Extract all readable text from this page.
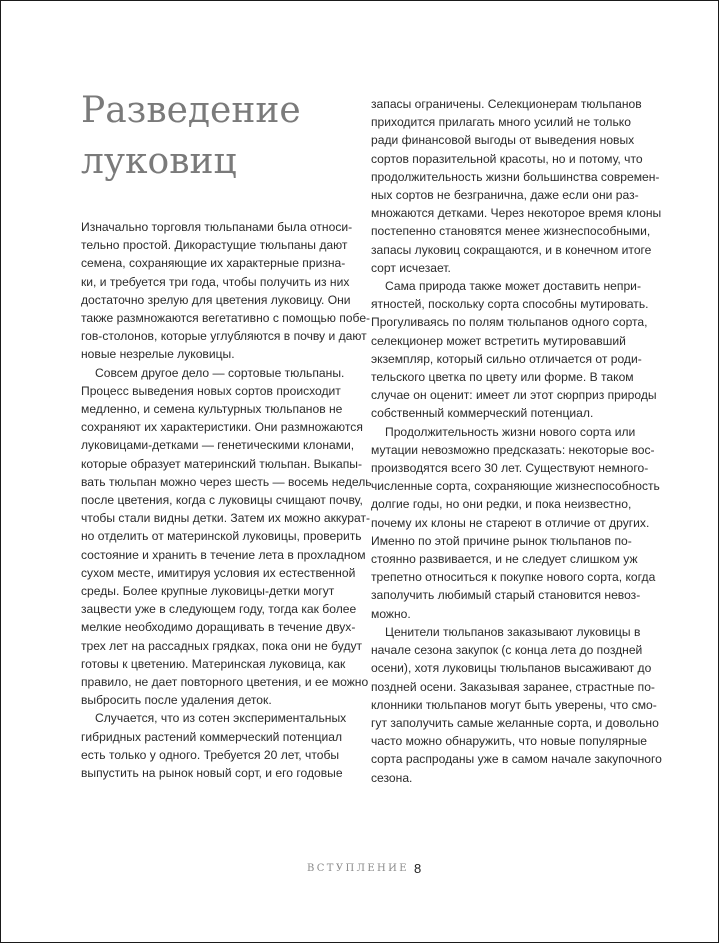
Разведение
луковиц
Изначально торговля тюльпанами была относи-
тельно простой. Дикорастущие тюльпаны дают
семена, сохраняющие их характерные призна-
ки, и требуется три года, чтобы получить из них
достаточно зрелую для цветения луковицу. Они
также размножаются вегетативно с помощью побе-
гов-столонов, которые углубляются в почву и дают
новые незрелые луковицы.
Совсем другое дело — сортовые тюльпаны.
Процесс выведения новых сортов происходит
медленно, и семена культурных тюльпанов не
сохраняют их характеристики. Они размножаются
луковицами-детками — генетическими клонами,
которые образует материнский тюльпан. Выкапы-
вать тюльпан можно через шесть — восемь недель
после цветения, когда с луковицы счищают почву,
чтобы стали видны детки. Затем их можно аккурат-
но отделить от материнской луковицы, проверить
состояние и хранить в течение лета в прохладном
сухом месте, имитируя условия их естественной
среды. Более крупные луковицы-детки могут
зацвести уже в следующем году, тогда как более
мелкие необходимо доращивать в течение двух-
трех лет на рассадных грядках, пока они не будут
готовы к цветению. Материнская луковица, как
правило, не дает повторного цветения, и ее можно
выбросить после удаления деток.
Случается, что из сотен экспериментальных
гибридных растений коммерческий потенциал
есть только у одного. Требуется 20 лет, чтобы
выпустить на рынок новый сорт, и его годовые
запасы ограничены. Селекционерам тюльпанов
приходится прилагать много усилий не только
ради финансовой выгоды от выведения новых
сортов поразительной красоты, но и потому, что
продолжительность жизни большинства современ-
ных сортов не безгранична, даже если они раз-
множаются детками. Через некоторое время клоны
постепенно становятся менее жизнеспособными,
запасы луковиц сокращаются, и в конечном итоге
сорт исчезает.
Сама природа также может доставить непри-
ятностей, поскольку сорта способны мутировать.
Прогуливаясь по полям тюльпанов одного сорта,
селекционер может встретить мутировавший
экземпляр, который сильно отличается от роди-
тельского цветка по цвету или форме. В таком
случае он оценит: имеет ли этот сюрприз природы
собственный коммерческий потенциал.
Продолжительность жизни нового сорта или
мутации невозможно предсказать: некоторые вос-
производятся всего 30 лет. Существуют немного-
численные сорта, сохраняющие жизнеспособность
долгие годы, но они редки, и пока неизвестно,
почему их клоны не стареют в отличие от других.
Именно по этой причине рынок тюльпанов по-
стоянно развивается, и не следует слишком уж
трепетно относиться к покупке нового сорта, когда
заполучить любимый старый становится невоз-
можно.
Ценители тюльпанов заказывают луковицы в
начале сезона закупок (с конца лета до поздней
осени), хотя луковицы тюльпанов высаживают до
поздней осени. Заказывая заранее, страстные по-
клонники тюльпанов могут быть уверены, что смо-
гут заполучить самые желанные сорта, и довольно
часто можно обнаружить, что новые популярные
сорта распроданы уже в самом начале закупочного
сезона.
ВСТУПЛЕНИЕ 8
